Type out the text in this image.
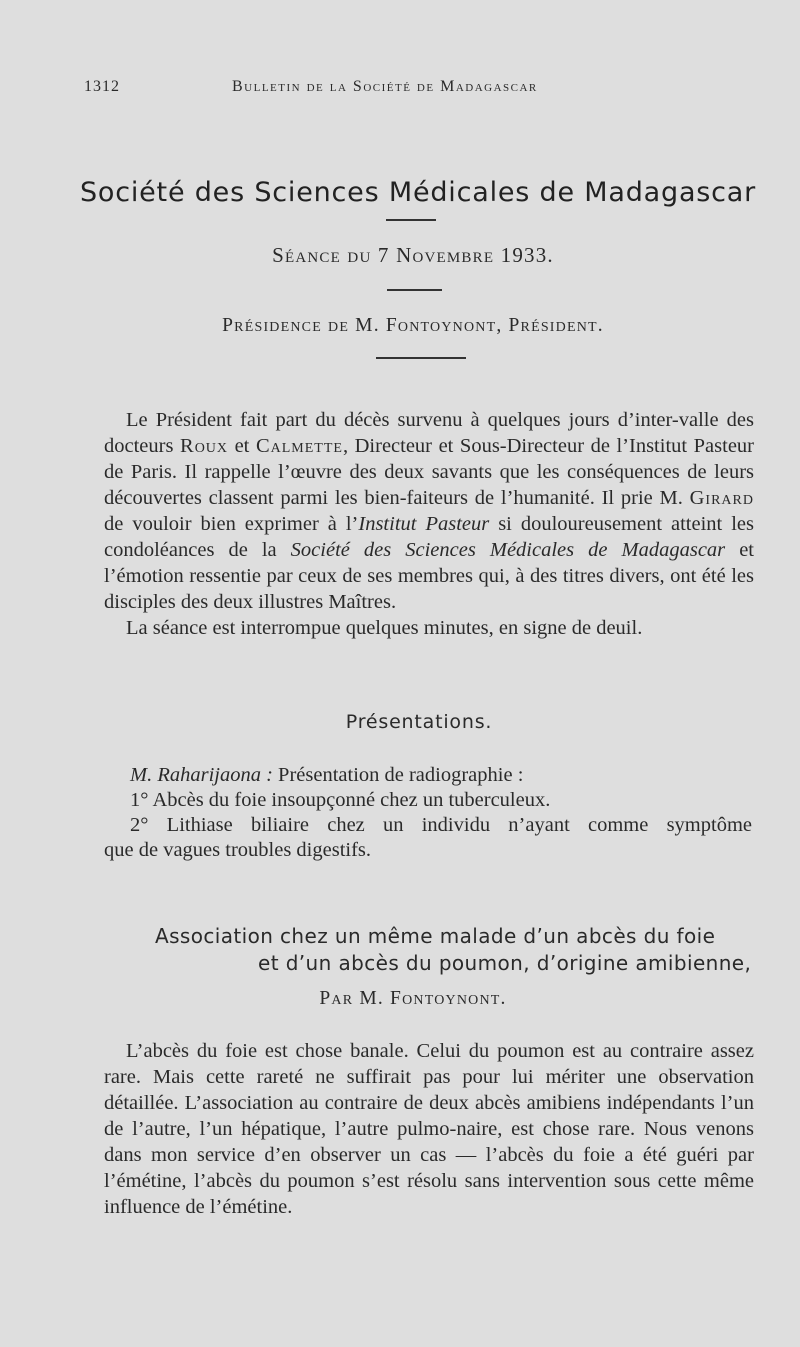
1312	Bulletin de la Société de Madagascar
Société des Sciences Médicales de Madagascar
Séance du 7 Novembre 1933.
Présidence de M. Fontoynont, Président.

Le Président fait part du décès survenu à quelques jours d’inter-valle des docteurs Roux et Calmette, Directeur et Sous-Directeur de l’Institut Pasteur de Paris. Il rappelle l’œuvre des deux savants que les conséquences de leurs découvertes classent parmi les bien-faiteurs de l’humanité. Il prie M. Girard de vouloir bien exprimer à l’Institut Pasteur si douloureusement atteint les condoléances de la Société des Sciences Médicales de Madagascar et l’émotion ressentie par ceux de ses membres qui, à des titres divers, ont été les disciples des deux illustres Maîtres.

La séance est interrompue quelques minutes, en signe de deuil.

Présentations.
M. Raharijaona : Présentation de radiographie :
1° Abcès du foie insoupçonné chez un tuberculeux.
2° Lithiase biliaire chez un individu n’ayant comme symptôme
que de vagues troubles digestifs.
Association chez un même malade d’un abcès du foie
et d’un abcès du poumon, d’origine amibienne,
Par M. Fontoynont.

L’abcès du foie est chose banale. Celui du poumon est au contraire assez rare. Mais cette rareté ne suffirait pas pour lui mériter une observation détaillée. L’association au contraire de deux abcès amibiens indépendants l’un de l’autre, l’un hépatique, l’autre pulmo-naire, est chose rare. Nous venons dans mon service d’en observer un cas — l’abcès du foie a été guéri par l’émétine, l’abcès du poumon s’est résolu sans intervention sous cette même influence de l’émétine.
